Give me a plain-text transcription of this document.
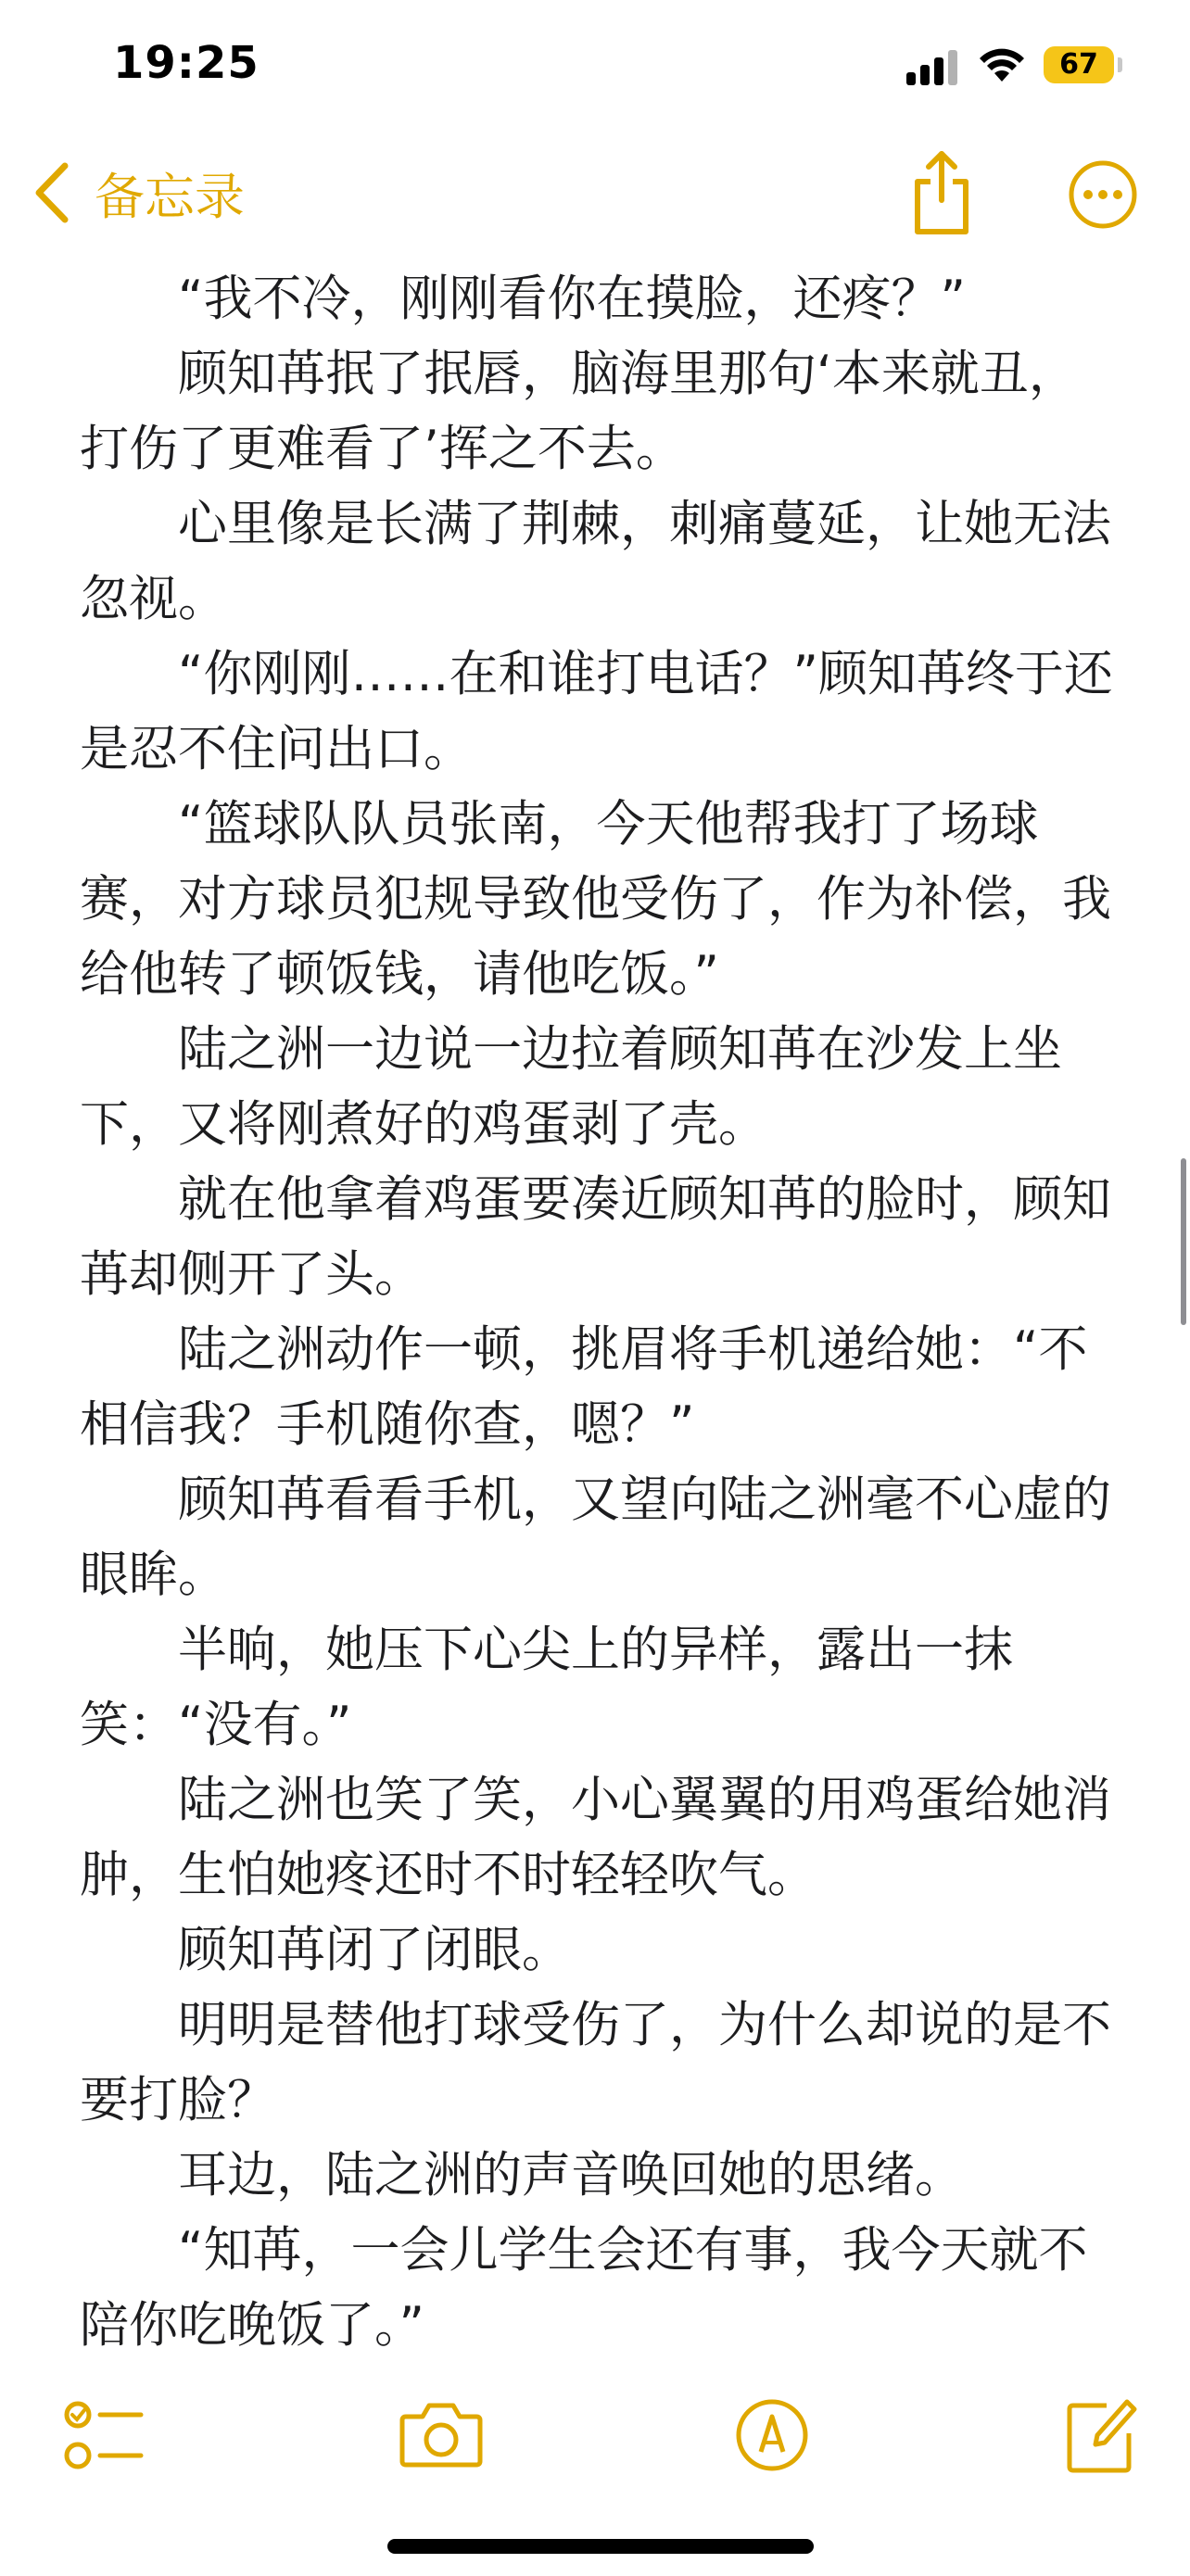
19:25	67
备忘录

“我不冷，刚刚看你在摸脸，还疼？”

顾知苒抿了抿唇，脑海里那句‘本来就丑，打伤了更难看了’挥之不去。

心里像是长满了荆棘，刺痛蔓延，让她无法忽视。

“你刚刚……在和谁打电话？”顾知苒终于还是忍不住问出口。

“篮球队队员张南，今天他帮我打了场球赛，对方球员犯规导致他受伤了，作为补偿，我给他转了顿饭钱，请他吃饭。”

陆之洲一边说一边拉着顾知苒在沙发上坐下，又将刚煮好的鸡蛋剥了壳。

就在他拿着鸡蛋要凑近顾知苒的脸时，顾知苒却侧开了头。

陆之洲动作一顿，挑眉将手机递给她：“不相信我？手机随你查，嗯？”

顾知苒看看手机，又望向陆之洲毫不心虚的眼眸。

半晌，她压下心尖上的异样，露出一抹笑：“没有。”

陆之洲也笑了笑，小心翼翼的用鸡蛋给她消肿，生怕她疼还时不时轻轻吹气。

顾知苒闭了闭眼。

明明是替他打球受伤了，为什么却说的是不要打脸？

耳边，陆之洲的声音唤回她的思绪。

“知苒，一会儿学生会还有事，我今天就不陪你吃晚饭了。”
